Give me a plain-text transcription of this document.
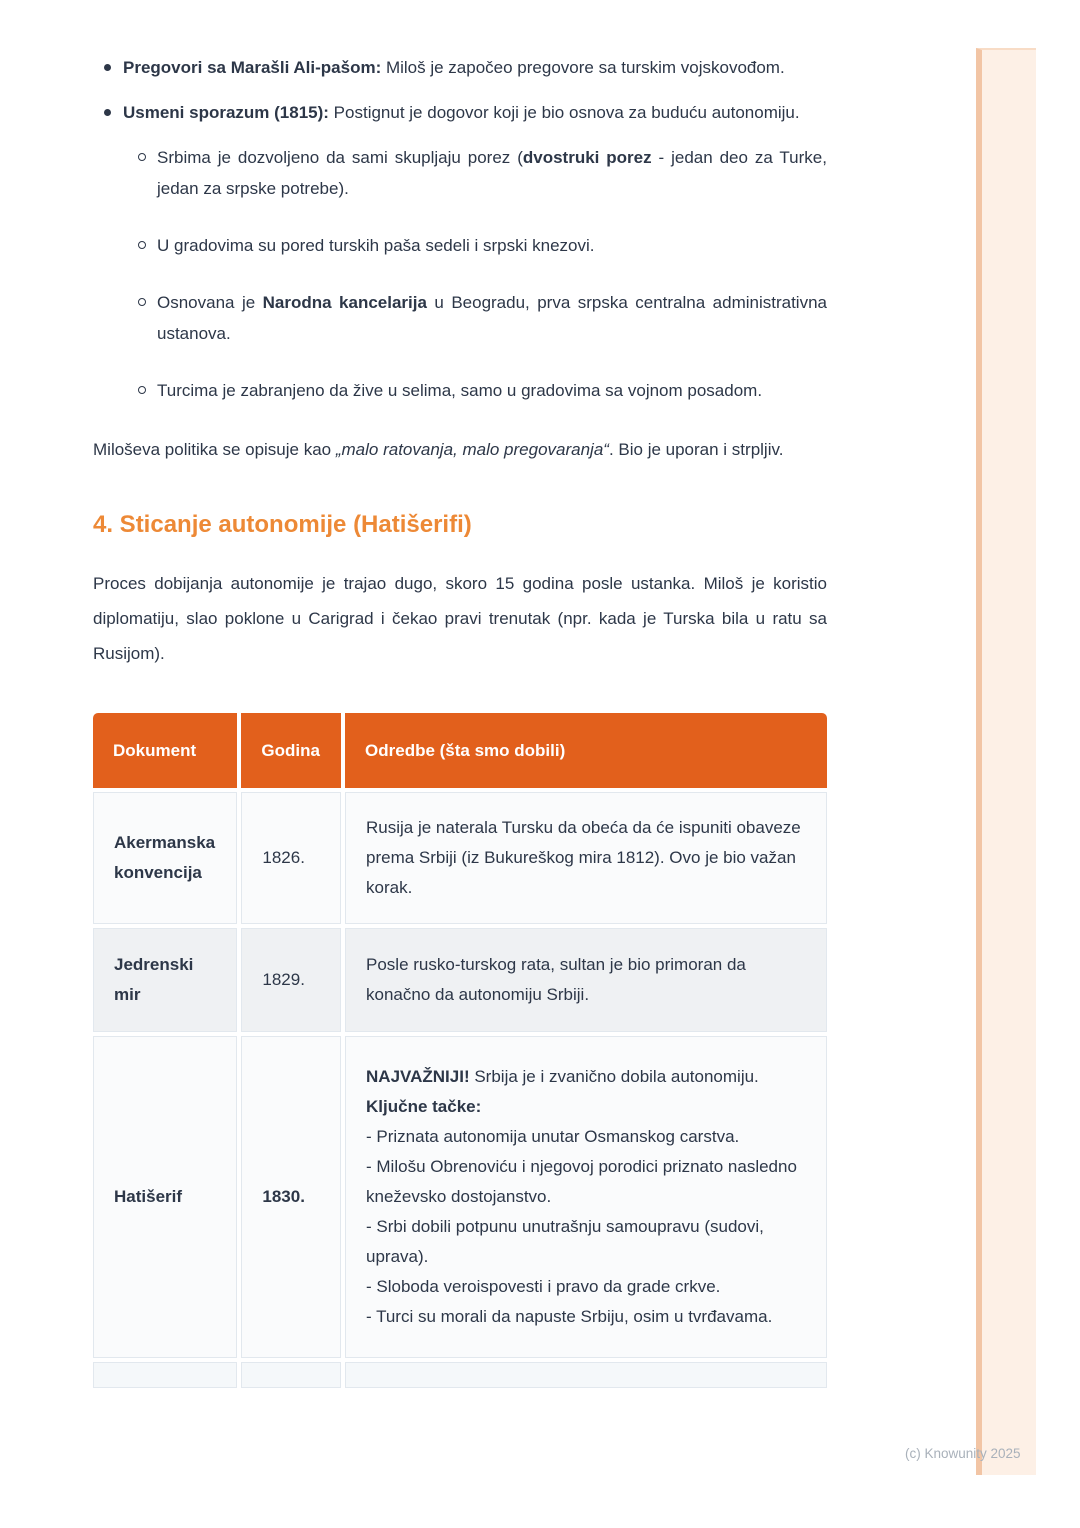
Pregovori sa Marašli Ali-pašom: Miloš je započeo pregovore sa turskim vojskovođom.
Usmeni sporazum (1815): Postignut je dogovor koji je bio osnova za buduću autonomiju.
Srbima je dozvoljeno da sami skupljaju porez (dvostruki porez - jedan deo za Turke, jedan za srpske potrebe).
U gradovima su pored turskih paša sedeli i srpski knezovi.
Osnovana je Narodna kancelarija u Beogradu, prva srpska centralna administrativna ustanova.
Turcima je zabranjeno da žive u selima, samo u gradovima sa vojnom posadom.

Miloševa politika se opisuje kao „malo ratovanja, malo pregovaranja“. Bio je uporan i strpljiv.

4. Sticanje autonomije (Hatišerifi)

Proces dobijanja autonomije je trajao dugo, skoro 15 godina posle ustanka. Miloš je koristio diplomatiju, slao poklone u Carigrad i čekao pravi trenutak (npr. kada je Turska bila u ratu sa Rusijom).

Dokument	Godina	Odredbe (šta smo dobili)
Akermanska konvencija	1826.	Rusija je naterala Tursku da obeća da će ispuniti obaveze prema Srbiji (iz Bukureškog mira 1812). Ovo je bio važan korak.
Jedrenski mir	1829.	Posle rusko-turskog rata, sultan je bio primoran da konačno da autonomiju Srbiji.
Hatišerif	1830.	
NAJVAŽNIJI! Srbija je i zvanično dobila autonomiju.
Ključne tačke:
- Priznata autonomija unutar Osmanskog carstva.
- Milošu Obrenoviću i njegovoj porodici priznato nasledno kneževsko dostojanstvo.
- Srbi dobili potpunu unutrašnju samoupravu (sudovi, uprava).
- Sloboda veroispovesti i pravo da grade crkve.
- Turci su morali da napuste Srbiju, osim u tvrđavama.

(c) Knowunity 2025
